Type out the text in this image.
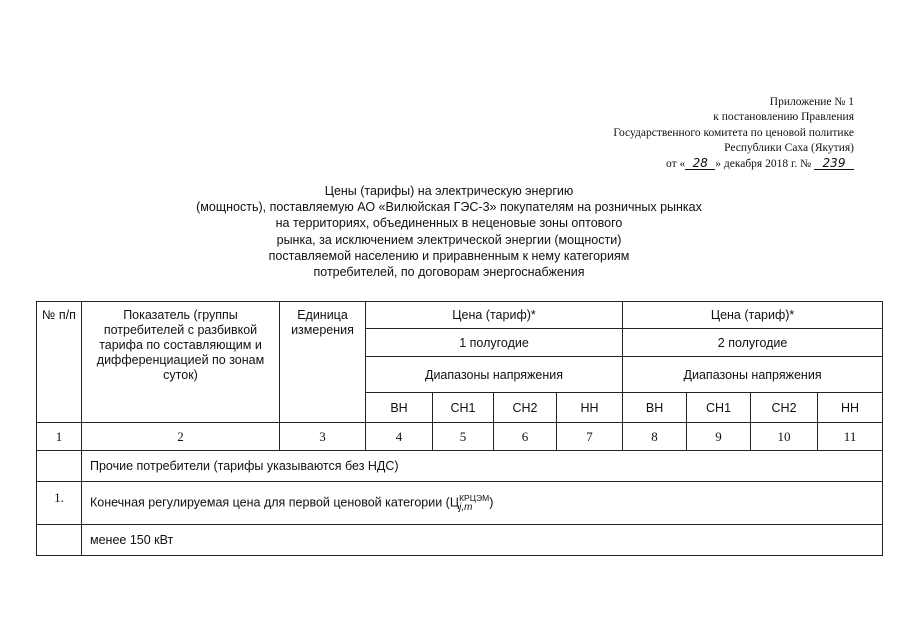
Приложение № 1
к постановлению Правления
Государственного комитета по ценовой политике
Республики Саха (Якутия)
от « 28 » декабря 2018 г. № 239
Цены (тарифы) на электрическую энергию
(мощность), поставляемую АО «Вилюйская ГЭС-3» покупателям на розничных рынках
на территориях, объединенных в неценовые зоны оптового
рынка, за исключением электрической энергии (мощности)
поставляемой населению и приравненным к нему категориям
потребителей, по договорам энергоснабжения
№ п/п	Показатель (группы потребителей с разбивкой тарифа по составляющим и дифференциацией по зонам суток)	Единица измерения	Цена (тариф)*				Цена (тариф)*			
			1 полугодие				2 полугодие			
			Диапазоны напряжения				Диапазоны напряжения			
			ВН	СН1	СН2	НН	ВН	СН1	СН2	НН
1	2	3	4	5	6	7	8	9	10	11
	Прочие потребители (тарифы указываются без НДС)									
1.	Конечная регулируемая цена для первой ценовой категории (Ц КРЦЭМ
j,m )									
	менее 150 кВт									
